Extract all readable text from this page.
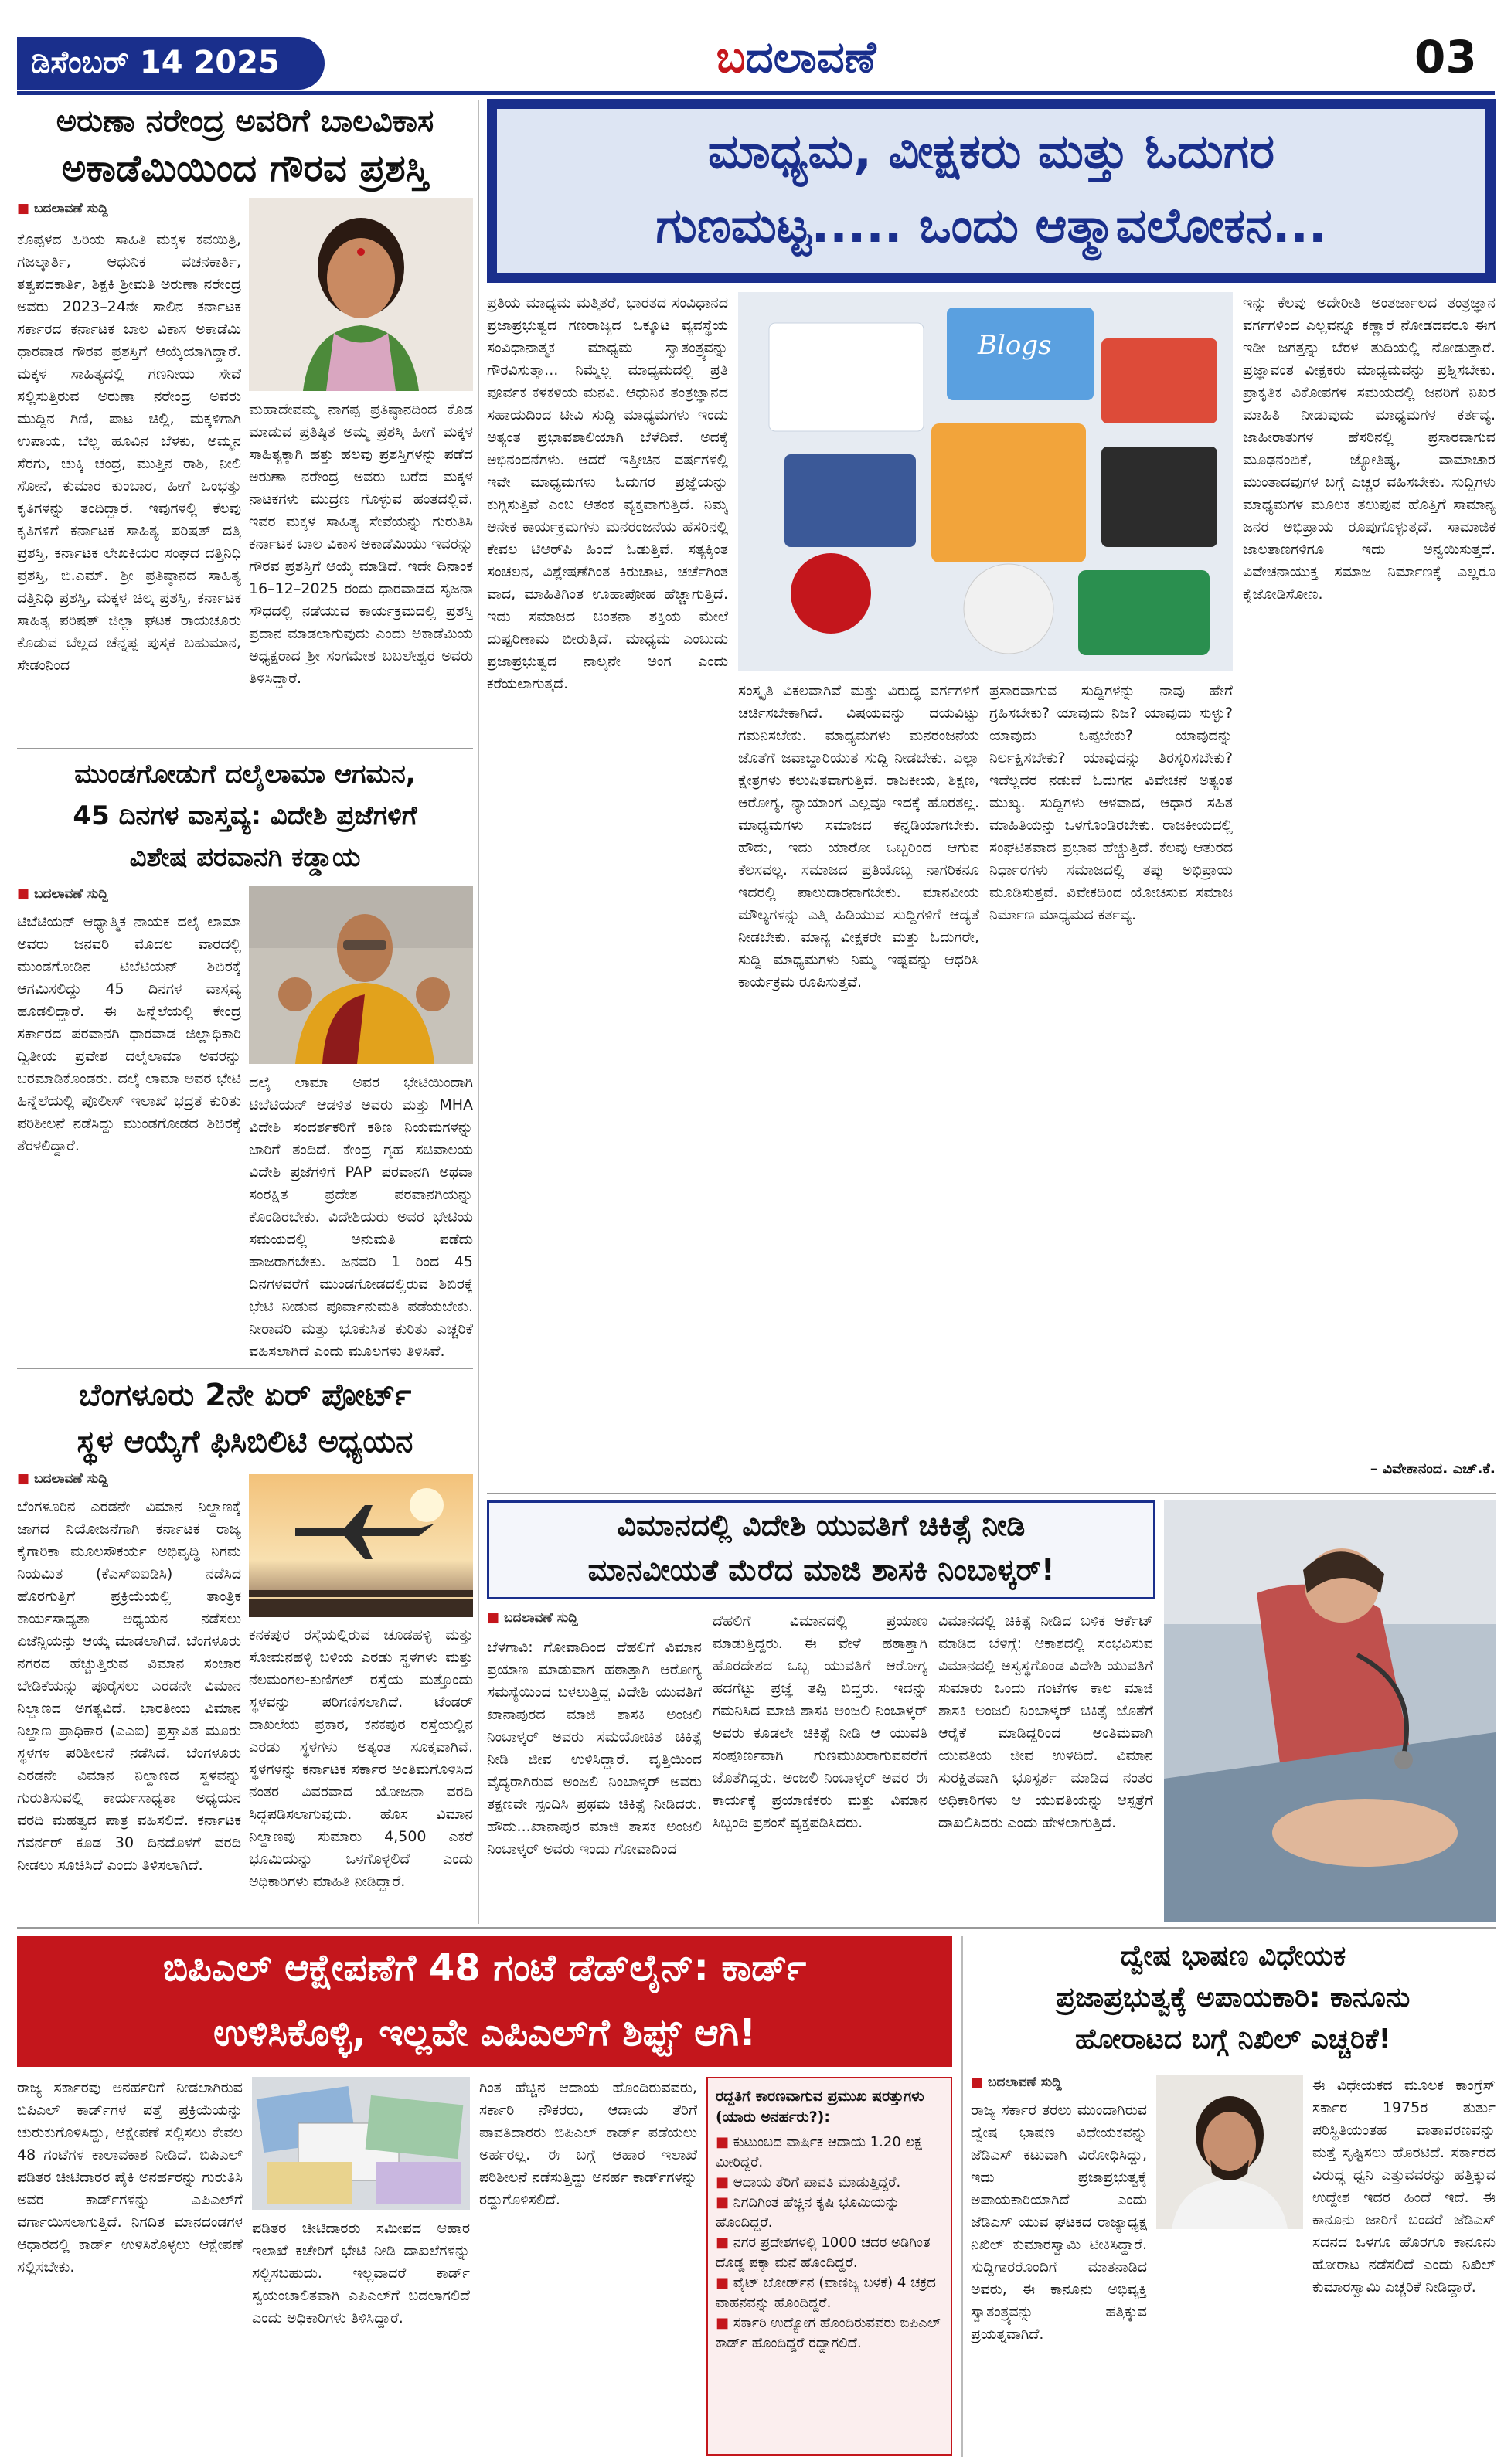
ಡಿಸೆಂಬರ್ 14 2025	ಬದಲಾವಣೆ	03
ಅರುಣಾ ನರೇಂದ್ರ ಅವರಿಗೆ ಬಾಲವಿಕಾಸ
ಅಕಾಡೆಮಿಯಿಂದ ಗೌರವ ಪ್ರಶಸ್ತಿ
■ ಬದಲಾವಣೆ ಸುದ್ದಿ
ಕೊಪ್ಪಳದ ಹಿರಿಯ ಸಾಹಿತಿ ಮಕ್ಕಳ ಕವಯಿತ್ರಿ, ಗಜಲ್ಕಾರ್ತಿ, ಆಧುನಿಕ ವಚನಕಾರ್ತಿ, ತತ್ವಪದಕಾರ್ತಿ, ಶಿಕ್ಷಕಿ ಶ್ರೀಮತಿ ಅರುಣಾ ನರೇಂದ್ರ ಅವರು 2023–24ನೇ ಸಾಲಿನ ಕರ್ನಾಟಕ ಸರ್ಕಾರದ ಕರ್ನಾಟಕ ಬಾಲ ವಿಕಾಸ ಅಕಾಡೆಮಿ ಧಾರವಾಡ ಗೌರವ ಪ್ರಶಸ್ತಿಗೆ ಆಯ್ಕೆಯಾಗಿದ್ದಾರೆ. ಮಕ್ಕಳ ಸಾಹಿತ್ಯದಲ್ಲಿ ಗಣನೀಯ ಸೇವೆ ಸಲ್ಲಿಸುತ್ತಿರುವ ಅರುಣಾ ನರೇಂದ್ರ ಅವರು ಮುದ್ದಿನ ಗಿಣಿ, ಪಾಟ ಚಿಲ್ಲಿ, ಮಕ್ಕಳಿಗಾಗಿ ಉಪಾಯ, ಬೆಲ್ಲ ಹೂವಿನ ಬೆಳಕು, ಅಮ್ಮನ ಸೆರಗು, ಚುಕ್ಕಿ ಚಂದ್ರ, ಮುತ್ತಿನ ರಾಶಿ, ನೀಲಿ ಸೋನೆ, ಕುಮಾರ ಕುಂಬಾರ, ಹೀಗೆ ಒಂಭತ್ತು ಕೃತಿಗಳನ್ನು ತಂದಿದ್ದಾರೆ. ಇವುಗಳಲ್ಲಿ ಕೆಲವು ಕೃತಿಗಳಿಗೆ ಕರ್ನಾಟಕ ಸಾಹಿತ್ಯ ಪರಿಷತ್ ದತ್ತಿ ಪ್ರಶಸ್ತಿ, ಕರ್ನಾಟಕ ಲೇಖಕಿಯರ ಸಂಘದ ದತ್ತಿನಿಧಿ ಪ್ರಶಸ್ತಿ, ಬಿ.ಎಮ್. ಶ್ರೀ ಪ್ರತಿಷ್ಠಾನದ ಸಾಹಿತ್ಯ ದತ್ತಿನಿಧಿ ಪ್ರಶಸ್ತಿ, ಮಕ್ಕಳ ಚಿಲ್ಕ ಪ್ರಶಸ್ತಿ, ಕರ್ನಾಟಕ ಸಾಹಿತ್ಯ ಪರಿಷತ್ ಜಿಲ್ಲಾ ಘಟಕ ರಾಯಚೂರು ಕೊಡುವ ಬೆಲ್ಲದ ಚೆನ್ನಪ್ಪ ಪುಸ್ತಕ ಬಹುಮಾನ, ಸೇಡಂನಿಂದ
ಮಹಾದೇವಮ್ಮ ನಾಗಪ್ಪ ಪ್ರತಿಷ್ಠಾನದಿಂದ ಕೊಡ ಮಾಡುವ ಪ್ರತಿಷ್ಠಿತ ಅಮ್ಮ ಪ್ರಶಸ್ತಿ ಹೀಗೆ ಮಕ್ಕಳ ಸಾಹಿತ್ಯಕ್ಕಾಗಿ ಹತ್ತು ಹಲವು ಪ್ರಶಸ್ತಿಗಳನ್ನು ಪಡೆದ ಅರುಣಾ ನರೇಂದ್ರ ಅವರು ಬರೆದ ಮಕ್ಕಳ ನಾಟಕಗಳು ಮುದ್ರಣ ಗೊಳ್ಳುವ ಹಂತದಲ್ಲಿವೆ. ಇವರ ಮಕ್ಕಳ ಸಾಹಿತ್ಯ ಸೇವೆಯನ್ನು ಗುರುತಿಸಿ ಕರ್ನಾಟಕ ಬಾಲ ವಿಕಾಸ ಅಕಾಡೆಮಿಯು ಇವರನ್ನು ಗೌರವ ಪ್ರಶಸ್ತಿಗೆ ಆಯ್ಕೆ ಮಾಡಿದೆ. ಇದೇ ದಿನಾಂಕ 16–12–2025 ರಂದು ಧಾರವಾಡದ ಸೃಜನಾ ಸೌಧದಲ್ಲಿ ನಡೆಯುವ ಕಾರ್ಯಕ್ರಮದಲ್ಲಿ ಪ್ರಶಸ್ತಿ ಪ್ರದಾನ ಮಾಡಲಾಗುವುದು ಎಂದು ಅಕಾಡೆಮಿಯ ಅಧ್ಯಕ್ಷರಾದ ಶ್ರೀ ಸಂಗಮೇಶ ಬಬಲೇಶ್ವರ ಅವರು ತಿಳಿಸಿದ್ದಾರೆ.
ಮುಂಡಗೋಡುಗೆ ದಲೈಲಾಮಾ ಆಗಮನ,
45 ದಿನಗಳ ವಾಸ್ತವ್ಯ: ವಿದೇಶಿ ಪ್ರಜೆಗಳಿಗೆ
ವಿಶೇಷ ಪರವಾನಗಿ ಕಡ್ಡಾಯ
■ ಬದಲಾವಣೆ ಸುದ್ದಿ
ಟಿಬೆಟಿಯನ್ ಆಧ್ಯಾತ್ಮಿಕ ನಾಯಕ ದಲೈ ಲಾಮಾ ಅವರು ಜನವರಿ ಮೊದಲ ವಾರದಲ್ಲಿ ಮುಂಡಗೋಡಿನ ಟಿಬೆಟಿಯನ್ ಶಿಬಿರಕ್ಕೆ ಆಗಮಿಸಲಿದ್ದು 45 ದಿನಗಳ ವಾಸ್ತವ್ಯ ಹೂಡಲಿದ್ದಾರೆ. ಈ ಹಿನ್ನೆಲೆಯಲ್ಲಿ ಕೇಂದ್ರ ಸರ್ಕಾರದ ಪರವಾನಗಿ ಧಾರವಾಡ ಜಿಲ್ಲಾಧಿಕಾರಿ ದ್ವಿತೀಯ ಪ್ರವೇಶ ದಲೈಲಾಮಾ ಅವರನ್ನು ಬರಮಾಡಿಕೊಂಡರು. ದಲೈ ಲಾಮಾ ಅವರ ಭೇಟಿ ಹಿನ್ನೆಲೆಯಲ್ಲಿ ಪೊಲೀಸ್ ಇಲಾಖೆ ಭದ್ರತೆ ಕುರಿತು ಪರಿಶೀಲನೆ ನಡೆಸಿದ್ದು ಮುಂಡಗೋಡದ ಶಿಬಿರಕ್ಕೆ ತೆರಳಲಿದ್ದಾರೆ.
ದಲೈ ಲಾಮಾ ಅವರ ಭೇಟಿಯಿಂದಾಗಿ ಟಿಬೆಟಿಯನ್ ಆಡಳಿತ ಅವರು ಮತ್ತು MHA ವಿದೇಶಿ ಸಂದರ್ಶಕರಿಗೆ ಕಠಿಣ ನಿಯಮಗಳನ್ನು ಜಾರಿಗೆ ತಂದಿದೆ. ಕೇಂದ್ರ ಗೃಹ ಸಚಿವಾಲಯ ವಿದೇಶಿ ಪ್ರಜೆಗಳಿಗೆ PAP ಪರವಾನಗಿ ಅಥವಾ ಸಂರಕ್ಷಿತ ಪ್ರದೇಶ ಪರವಾನಗಿಯನ್ನು ಕೊಂಡಿರಬೇಕು. ವಿದೇಶಿಯರು ಅವರ ಭೇಟಿಯ ಸಮಯದಲ್ಲಿ ಅನುಮತಿ ಪಡೆದು ಹಾಜರಾಗಬೇಕು. ಜನವರಿ 1 ರಿಂದ 45 ದಿನಗಳವರೆಗೆ ಮುಂಡಗೋಡದಲ್ಲಿರುವ ಶಿಬಿರಕ್ಕೆ ಭೇಟಿ ನೀಡುವ ಪೂರ್ವಾನುಮತಿ ಪಡೆಯಬೇಕು. ನೀರಾವರಿ ಮತ್ತು ಭೂಕುಸಿತ ಕುರಿತು ಎಚ್ಚರಿಕೆ ವಹಿಸಲಾಗಿದೆ ಎಂದು ಮೂಲಗಳು ತಿಳಿಸಿವೆ.
ಬೆಂಗಳೂರು 2ನೇ ಏರ್ ಪೋರ್ಟ್
ಸ್ಥಳ ಆಯ್ಕೆಗೆ ಫಿಸಿಬಿಲಿಟಿ ಅಧ್ಯಯನ
■ ಬದಲಾವಣೆ ಸುದ್ದಿ
ಬೆಂಗಳೂರಿನ ಎರಡನೇ ವಿಮಾನ ನಿಲ್ದಾಣಕ್ಕೆ ಜಾಗದ ನಿಯೋಜನೆಗಾಗಿ ಕರ್ನಾಟಕ ರಾಜ್ಯ ಕೈಗಾರಿಕಾ ಮೂಲಸೌಕರ್ಯ ಅಭಿವೃದ್ಧಿ ನಿಗಮ ನಿಯಮಿತ (ಕೆಎಸ್‌ಐಐಡಿಸಿ) ನಡೆಸಿದ ಹೊರಗುತ್ತಿಗೆ ಪ್ರಕ್ರಿಯೆಯಲ್ಲಿ ತಾಂತ್ರಿಕ ಕಾರ್ಯಸಾಧ್ಯತಾ ಅಧ್ಯಯನ ನಡೆಸಲು ಏಜೆನ್ಸಿಯನ್ನು ಆಯ್ಕೆ ಮಾಡಲಾಗಿದೆ. ಬೆಂಗಳೂರು ನಗರದ ಹೆಚ್ಚುತ್ತಿರುವ ವಿಮಾನ ಸಂಚಾರ ಬೇಡಿಕೆಯನ್ನು ಪೂರೈಸಲು ಎರಡನೇ ವಿಮಾನ ನಿಲ್ದಾಣದ ಅಗತ್ಯವಿದೆ. ಭಾರತೀಯ ವಿಮಾನ ನಿಲ್ದಾಣ ಪ್ರಾಧಿಕಾರ (ಎಎಐ) ಪ್ರಸ್ತಾವಿತ ಮೂರು ಸ್ಥಳಗಳ ಪರಿಶೀಲನೆ ನಡೆಸಿದೆ. ಬೆಂಗಳೂರು ಎರಡನೇ ವಿಮಾನ ನಿಲ್ದಾಣದ ಸ್ಥಳವನ್ನು ಗುರುತಿಸುವಲ್ಲಿ ಕಾರ್ಯಸಾಧ್ಯತಾ ಅಧ್ಯಯನ ವರದಿ ಮಹತ್ವದ ಪಾತ್ರ ವಹಿಸಲಿದೆ. ಕರ್ನಾಟಕ ಗವರ್ನರ್ ಕೂಡ 30 ದಿನದೊಳಗೆ ವರದಿ ನೀಡಲು ಸೂಚಿಸಿದೆ ಎಂದು ತಿಳಿಸಲಾಗಿದೆ.
ಕನಕಪುರ ರಸ್ತೆಯಲ್ಲಿರುವ ಚೂಡಹಳ್ಳಿ ಮತ್ತು ಸೋಮನಹಳ್ಳಿ ಬಳಿಯ ಎರಡು ಸ್ಥಳಗಳು ಮತ್ತು ನೆಲಮಂಗಲ-ಕುಣಿಗಲ್ ರಸ್ತೆಯ ಮತ್ತೊಂದು ಸ್ಥಳವನ್ನು ಪರಿಗಣಿಸಲಾಗಿದೆ. ಟೆಂಡರ್ ದಾಖಲೆಯ ಪ್ರಕಾರ, ಕನಕಪುರ ರಸ್ತೆಯಲ್ಲಿನ ಎರಡು ಸ್ಥಳಗಳು ಅತ್ಯಂತ ಸೂಕ್ತವಾಗಿವೆ. ಸ್ಥಳಗಳನ್ನು ಕರ್ನಾಟಕ ಸರ್ಕಾರ ಅಂತಿಮಗೊಳಿಸಿದ ನಂತರ ವಿವರವಾದ ಯೋಜನಾ ವರದಿ ಸಿದ್ಧಪಡಿಸಲಾಗುವುದು. ಹೊಸ ವಿಮಾನ ನಿಲ್ದಾಣವು ಸುಮಾರು 4,500 ಎಕರೆ ಭೂಮಿಯನ್ನು ಒಳಗೊಳ್ಳಲಿದೆ ಎಂದು ಅಧಿಕಾರಿಗಳು ಮಾಹಿತಿ ನೀಡಿದ್ದಾರೆ.
ಮಾಧ್ಯಮ, ವೀಕ್ಷಕರು ಮತ್ತು ಓದುಗರ
ಗುಣಮಟ್ಟ..... ಒಂದು ಆತ್ಮಾವಲೋಕನ...
ಪ್ರತಿಯ ಮಾಧ್ಯಮ ಮತ್ತಿತರೆ, ಭಾರತದ ಸಂವಿಧಾನದ ಪ್ರಜಾಪ್ರಭುತ್ವದ ಗಣರಾಜ್ಯದ ಒಕ್ಕೂಟ ವ್ಯವಸ್ಥೆಯ ಸಂವಿಧಾನಾತ್ಮಕ ಮಾಧ್ಯಮ ಸ್ವಾತಂತ್ರ್ಯವನ್ನು ಗೌರವಿಸುತ್ತಾ... ನಿಮ್ಮೆಲ್ಲ ಮಾಧ್ಯಮದಲ್ಲಿ ಪ್ರತಿ ಪೂರ್ವಕ ಕಳಕಳಿಯ ಮನವಿ. ಆಧುನಿಕ ತಂತ್ರಜ್ಞಾನದ ಸಹಾಯದಿಂದ ಟೀವಿ ಸುದ್ದಿ ಮಾಧ್ಯಮಗಳು ಇಂದು ಅತ್ಯಂತ ಪ್ರಭಾವಶಾಲಿಯಾಗಿ ಬೆಳೆದಿವೆ. ಅದಕ್ಕೆ ಅಭಿನಂದನೆಗಳು. ಆದರೆ ಇತ್ತೀಚಿನ ವರ್ಷಗಳಲ್ಲಿ ಇವೇ ಮಾಧ್ಯಮಗಳು ಓದುಗರ ಪ್ರಜ್ಞೆಯನ್ನು ಕುಗ್ಗಿಸುತ್ತಿವೆ ಎಂಬ ಆತಂಕ ವ್ಯಕ್ತವಾಗುತ್ತಿದೆ. ನಿಮ್ಮ ಅನೇಕ ಕಾರ್ಯಕ್ರಮಗಳು ಮನರಂಜನೆಯ ಹೆಸರಿನಲ್ಲಿ ಕೇವಲ ಟಿಆರ್‌ಪಿ ಹಿಂದೆ ಓಡುತ್ತಿವೆ. ಸತ್ಯಕ್ಕಿಂತ ಸಂಚಲನ, ವಿಶ್ಲೇಷಣೆಗಿಂತ ಕಿರುಚಾಟ, ಚರ್ಚೆಗಿಂತ ವಾದ, ಮಾಹಿತಿಗಿಂತ ಊಹಾಪೋಹ ಹೆಚ್ಚಾಗುತ್ತಿದೆ. ಇದು ಸಮಾಜದ ಚಿಂತನಾ ಶಕ್ತಿಯ ಮೇಲೆ ದುಷ್ಪರಿಣಾಮ ಬೀರುತ್ತಿದೆ. ಮಾಧ್ಯಮ ಎಂಬುದು ಪ್ರಜಾಪ್ರಭುತ್ವದ ನಾಲ್ಕನೇ ಅಂಗ ಎಂದು ಕರೆಯಲಾಗುತ್ತದೆ.
Blogs
ಸಂಸ್ಕೃತಿ ವಿಕಲವಾಗಿವೆ ಮತ್ತು ವಿರುದ್ಧ ವರ್ಗಗಳಿಗೆ ಚರ್ಚಿಸಬೇಕಾಗಿದೆ. ವಿಷಯವನ್ನು ದಯವಿಟ್ಟು ಗಮನಿಸಬೇಕು. ಮಾಧ್ಯಮಗಳು ಮನರಂಜನೆಯ ಜೊತೆಗೆ ಜವಾಬ್ದಾರಿಯುತ ಸುದ್ದಿ ನೀಡಬೇಕು. ಎಲ್ಲಾ ಕ್ಷೇತ್ರಗಳು ಕಲುಷಿತವಾಗುತ್ತಿವೆ. ರಾಜಕೀಯ, ಶಿಕ್ಷಣ, ಆರೋಗ್ಯ, ನ್ಯಾಯಾಂಗ ಎಲ್ಲವೂ ಇದಕ್ಕೆ ಹೊರತಲ್ಲ. ಮಾಧ್ಯಮಗಳು ಸಮಾಜದ ಕನ್ನಡಿಯಾಗಬೇಕು. ಹೌದು, ಇದು ಯಾರೋ ಒಬ್ಬರಿಂದ ಆಗುವ ಕೆಲಸವಲ್ಲ. ಸಮಾಜದ ಪ್ರತಿಯೊಬ್ಬ ನಾಗರಿಕನೂ ಇದರಲ್ಲಿ ಪಾಲುದಾರನಾಗಬೇಕು. ಮಾನವೀಯ ಮೌಲ್ಯಗಳನ್ನು ಎತ್ತಿ ಹಿಡಿಯುವ ಸುದ್ದಿಗಳಿಗೆ ಆದ್ಯತೆ ನೀಡಬೇಕು. ಮಾನ್ಯ ವೀಕ್ಷಕರೇ ಮತ್ತು ಓದುಗರೇ, ಸುದ್ದಿ ಮಾಧ್ಯಮಗಳು ನಿಮ್ಮ ಇಷ್ಟವನ್ನು ಆಧರಿಸಿ ಕಾರ್ಯಕ್ರಮ ರೂಪಿಸುತ್ತವೆ.
ಪ್ರಸಾರವಾಗುವ ಸುದ್ದಿಗಳನ್ನು ನಾವು ಹೇಗೆ ಗ್ರಹಿಸಬೇಕು? ಯಾವುದು ನಿಜ? ಯಾವುದು ಸುಳ್ಳು? ಯಾವುದು ಒಪ್ಪಬೇಕು? ಯಾವುದನ್ನು ನಿರ್ಲಕ್ಷಿಸಬೇಕು? ಯಾವುದನ್ನು ತಿರಸ್ಕರಿಸಬೇಕು? ಇದೆಲ್ಲದರ ನಡುವೆ ಓದುಗನ ವಿವೇಚನೆ ಅತ್ಯಂತ ಮುಖ್ಯ. ಸುದ್ದಿಗಳು ಆಳವಾದ, ಆಧಾರ ಸಹಿತ ಮಾಹಿತಿಯನ್ನು ಒಳಗೊಂಡಿರಬೇಕು. ರಾಜಕೀಯದಲ್ಲಿ ಸಂಘಟಿತವಾದ ಪ್ರಭಾವ ಹೆಚ್ಚುತ್ತಿದೆ. ಕೆಲವು ಆತುರದ ನಿರ್ಧಾರಗಳು ಸಮಾಜದಲ್ಲಿ ತಪ್ಪು ಅಭಿಪ್ರಾಯ ಮೂಡಿಸುತ್ತವೆ. ವಿವೇಕದಿಂದ ಯೋಚಿಸುವ ಸಮಾಜ ನಿರ್ಮಾಣ ಮಾಧ್ಯಮದ ಕರ್ತವ್ಯ.
ಇನ್ನು ಕೆಲವು ಅದೇರೀತಿ ಅಂತರ್ಜಾಲದ ತಂತ್ರಜ್ಞಾನ ವರ್ಗಗಳಿಂದ ಎಲ್ಲವನ್ನೂ ಕಣ್ಣಾರೆ ನೋಡದವರೂ ಈಗ ಇಡೀ ಜಗತ್ತನ್ನು ಬೆರಳ ತುದಿಯಲ್ಲಿ ನೋಡುತ್ತಾರೆ. ಪ್ರಜ್ಞಾವಂತ ವೀಕ್ಷಕರು ಮಾಧ್ಯಮವನ್ನು ಪ್ರಶ್ನಿಸಬೇಕು. ಪ್ರಾಕೃತಿಕ ವಿಕೋಪಗಳ ಸಮಯದಲ್ಲಿ ಜನರಿಗೆ ನಿಖರ ಮಾಹಿತಿ ನೀಡುವುದು ಮಾಧ್ಯಮಗಳ ಕರ್ತವ್ಯ. ಜಾಹೀರಾತುಗಳ ಹೆಸರಿನಲ್ಲಿ ಪ್ರಸಾರವಾಗುವ ಮೂಢನಂಬಿಕೆ, ಜ್ಯೋತಿಷ್ಯ, ವಾಮಾಚಾರ ಮುಂತಾದವುಗಳ ಬಗ್ಗೆ ಎಚ್ಚರ ವಹಿಸಬೇಕು. ಸುದ್ದಿಗಳು ಮಾಧ್ಯಮಗಳ ಮೂಲಕ ತಲುಪುವ ಹೊತ್ತಿಗೆ ಸಾಮಾನ್ಯ ಜನರ ಅಭಿಪ್ರಾಯ ರೂಪುಗೊಳ್ಳುತ್ತದೆ. ಸಾಮಾಜಿಕ ಜಾಲತಾಣಗಳಿಗೂ ಇದು ಅನ್ವಯಿಸುತ್ತದೆ. ವಿವೇಚನಾಯುಕ್ತ ಸಮಾಜ ನಿರ್ಮಾಣಕ್ಕೆ ಎಲ್ಲರೂ ಕೈಜೋಡಿಸೋಣ.
– ವಿವೇಕಾನಂದ. ಎಚ್.ಕೆ.
ವಿಮಾನದಲ್ಲಿ ವಿದೇಶಿ ಯುವತಿಗೆ ಚಿಕಿತ್ಸೆ ನೀಡಿ
ಮಾನವೀಯತೆ ಮೆರೆದ ಮಾಜಿ ಶಾಸಕಿ ನಿಂಬಾಳ್ಕರ್!
■ ಬದಲಾವಣೆ ಸುದ್ದಿ
ಬೆಳಗಾವಿ: ಗೋವಾದಿಂದ ದೆಹಲಿಗೆ ವಿಮಾನ ಪ್ರಯಾಣ ಮಾಡುವಾಗ ಹಠಾತ್ತಾಗಿ ಆರೋಗ್ಯ ಸಮಸ್ಯೆಯಿಂದ ಬಳಲುತ್ತಿದ್ದ ವಿದೇಶಿ ಯುವತಿಗೆ ಖಾನಾಪುರದ ಮಾಜಿ ಶಾಸಕಿ ಅಂಜಲಿ ನಿಂಬಾಳ್ಕರ್ ಅವರು ಸಮಯೋಚಿತ ಚಿಕಿತ್ಸೆ ನೀಡಿ ಜೀವ ಉಳಿಸಿದ್ದಾರೆ. ವೃತ್ತಿಯಿಂದ ವೈದ್ಯರಾಗಿರುವ ಅಂಜಲಿ ನಿಂಬಾಳ್ಕರ್ ಅವರು ತಕ್ಷಣವೇ ಸ್ಪಂದಿಸಿ ಪ್ರಥಮ ಚಿಕಿತ್ಸೆ ನೀಡಿದರು. ಹೌದು...ಖಾನಾಪುರ ಮಾಜಿ ಶಾಸಕ ಅಂಜಲಿ ನಿಂಬಾಳ್ಕರ್ ಅವರು ಇಂದು ಗೋವಾದಿಂದ
ದೆಹಲಿಗೆ ವಿಮಾನದಲ್ಲಿ ಪ್ರಯಾಣ ಮಾಡುತ್ತಿದ್ದರು. ಈ ವೇಳೆ ಹಠಾತ್ತಾಗಿ ಹೊರದೇಶದ ಒಬ್ಬ ಯುವತಿಗೆ ಆರೋಗ್ಯ ಹದಗೆಟ್ಟು ಪ್ರಜ್ಞೆ ತಪ್ಪಿ ಬಿದ್ದರು. ಇದನ್ನು ಗಮನಿಸಿದ ಮಾಜಿ ಶಾಸಕಿ ಅಂಜಲಿ ನಿಂಬಾಳ್ಕರ್ ಅವರು ಕೂಡಲೇ ಚಿಕಿತ್ಸೆ ನೀಡಿ ಆ ಯುವತಿ ಸಂಪೂರ್ಣವಾಗಿ ಗುಣಮುಖರಾಗುವವರೆಗೆ ಜೊತೆಗಿದ್ದರು. ಅಂಜಲಿ ನಿಂಬಾಳ್ಕರ್ ಅವರ ಈ ಕಾರ್ಯಕ್ಕೆ ಪ್ರಯಾಣಿಕರು ಮತ್ತು ವಿಮಾನ ಸಿಬ್ಬಂದಿ ಪ್ರಶಂಸೆ ವ್ಯಕ್ತಪಡಿಸಿದರು.
ವಿಮಾನದಲ್ಲಿ ಚಿಕಿತ್ಸೆ ನೀಡಿದ ಬಳಿಕ ಆರ್ಕೆಟ್ ಮಾಡಿದ ಬೆಳಿಗ್ಗೆ: ಆಕಾಶದಲ್ಲಿ ಸಂಭವಿಸುವ ವಿಮಾನದಲ್ಲಿ ಅಸ್ವಸ್ಥಗೊಂಡ ವಿದೇಶಿ ಯುವತಿಗೆ ಸುಮಾರು ಒಂದು ಗಂಟೆಗಳ ಕಾಲ ಮಾಜಿ ಶಾಸಕಿ ಅಂಜಲಿ ನಿಂಬಾಳ್ಕರ್ ಚಿಕಿತ್ಸೆ ಜೊತೆಗೆ ಆರೈಕೆ ಮಾಡಿದ್ದರಿಂದ ಅಂತಿಮವಾಗಿ ಯುವತಿಯ ಜೀವ ಉಳಿದಿದೆ. ವಿಮಾನ ಸುರಕ್ಷಿತವಾಗಿ ಭೂಸ್ಪರ್ಶ ಮಾಡಿದ ನಂತರ ಅಧಿಕಾರಿಗಳು ಆ ಯುವತಿಯನ್ನು ಆಸ್ಪತ್ರೆಗೆ ದಾಖಲಿಸಿದರು ಎಂದು ಹೇಳಲಾಗುತ್ತಿದೆ.
ಬಿಪಿಎಲ್ ಆಕ್ಷೇಪಣೆಗೆ 48 ಗಂಟೆ ಡೆಡ್‌ಲೈನ್: ಕಾರ್ಡ್
ಉಳಿಸಿಕೊಳ್ಳಿ, ಇಲ್ಲವೇ ಎಪಿಎಲ್‌ಗೆ ಶಿಫ್ಟ್ ಆಗಿ!
ರಾಜ್ಯ ಸರ್ಕಾರವು ಅನರ್ಹರಿಗೆ ನೀಡಲಾಗಿರುವ ಬಿಪಿಎಲ್ ಕಾರ್ಡ್‌ಗಳ ಪತ್ತೆ ಪ್ರಕ್ರಿಯೆಯನ್ನು ಚುರುಕುಗೊಳಿಸಿದ್ದು, ಆಕ್ಷೇಪಣೆ ಸಲ್ಲಿಸಲು ಕೇವಲ 48 ಗಂಟೆಗಳ ಕಾಲಾವಕಾಶ ನೀಡಿದೆ. ಬಿಪಿಎಲ್ ಪಡಿತರ ಚೀಟಿದಾರರ ಪೈಕಿ ಅನರ್ಹರನ್ನು ಗುರುತಿಸಿ ಅವರ ಕಾರ್ಡ್‌ಗಳನ್ನು ಎಪಿಎಲ್‌ಗೆ ವರ್ಗಾಯಿಸಲಾಗುತ್ತಿದೆ. ನಿಗದಿತ ಮಾನದಂಡಗಳ ಆಧಾರದಲ್ಲಿ ಕಾರ್ಡ್ ಉಳಿಸಿಕೊಳ್ಳಲು ಆಕ್ಷೇಪಣೆ ಸಲ್ಲಿಸಬೇಕು.
ಪಡಿತರ ಚೀಟಿದಾರರು ಸಮೀಪದ ಆಹಾರ ಇಲಾಖೆ ಕಚೇರಿಗೆ ಭೇಟಿ ನೀಡಿ ದಾಖಲೆಗಳನ್ನು ಸಲ್ಲಿಸಬಹುದು. ಇಲ್ಲವಾದರೆ ಕಾರ್ಡ್ ಸ್ವಯಂಚಾಲಿತವಾಗಿ ಎಪಿಎಲ್‌ಗೆ ಬದಲಾಗಲಿದೆ ಎಂದು ಅಧಿಕಾರಿಗಳು ತಿಳಿಸಿದ್ದಾರೆ.
ಗಿಂತ ಹೆಚ್ಚಿನ ಆದಾಯ ಹೊಂದಿರುವವರು, ಸರ್ಕಾರಿ ನೌಕರರು, ಆದಾಯ ತೆರಿಗೆ ಪಾವತಿದಾರರು ಬಿಪಿಎಲ್ ಕಾರ್ಡ್ ಪಡೆಯಲು ಅರ್ಹರಲ್ಲ. ಈ ಬಗ್ಗೆ ಆಹಾರ ಇಲಾಖೆ ಪರಿಶೀಲನೆ ನಡೆಸುತ್ತಿದ್ದು ಅನರ್ಹ ಕಾರ್ಡ್‌ಗಳನ್ನು ರದ್ದುಗೊಳಿಸಲಿದೆ.
ರದ್ದತಿಗೆ ಕಾರಣವಾಗುವ ಪ್ರಮುಖ ಷರತ್ತುಗಳು (ಯಾರು ಅನರ್ಹರು?):
■ ಕುಟುಂಬದ ವಾರ್ಷಿಕ ಆದಾಯ 1.20 ಲಕ್ಷ ಮೀರಿದ್ದರೆ.
■ ಆದಾಯ ತೆರಿಗೆ ಪಾವತಿ ಮಾಡುತ್ತಿದ್ದರೆ.
■ ನಿಗದಿಗಿಂತ ಹೆಚ್ಚಿನ ಕೃಷಿ ಭೂಮಿಯನ್ನು ಹೊಂದಿದ್ದರೆ.
■ ನಗರ ಪ್ರದೇಶಗಳಲ್ಲಿ 1000 ಚದರ ಅಡಿಗಿಂತ ದೊಡ್ಡ ಪಕ್ಕಾ ಮನೆ ಹೊಂದಿದ್ದರೆ.
■ ವೈಟ್ ಬೋರ್ಡ್‌ನ (ವಾಣಿಜ್ಯ ಬಳಕೆ) 4 ಚಕ್ರದ ವಾಹನವನ್ನು ಹೊಂದಿದ್ದರೆ.
■ ಸರ್ಕಾರಿ ಉದ್ಯೋಗ ಹೊಂದಿರುವವರು ಬಿಪಿಎಲ್ ಕಾರ್ಡ್ ಹೊಂದಿದ್ದರೆ ರದ್ದಾಗಲಿದೆ.
ದ್ವೇಷ ಭಾಷಣ ವಿಧೇಯಕ
ಪ್ರಜಾಪ್ರಭುತ್ವಕ್ಕೆ ಅಪಾಯಕಾರಿ: ಕಾನೂನು
ಹೋರಾಟದ ಬಗ್ಗೆ ನಿಖಿಲ್ ಎಚ್ಚರಿಕೆ!
■ ಬದಲಾವಣೆ ಸುದ್ದಿ
ರಾಜ್ಯ ಸರ್ಕಾರ ತರಲು ಮುಂದಾಗಿರುವ ದ್ವೇಷ ಭಾಷಣ ವಿಧೇಯಕವನ್ನು ಜೆಡಿಎಸ್ ಕಟುವಾಗಿ ವಿರೋಧಿಸಿದ್ದು, ಇದು ಪ್ರಜಾಪ್ರಭುತ್ವಕ್ಕೆ ಅಪಾಯಕಾರಿಯಾಗಿದೆ ಎಂದು ಜೆಡಿಎಸ್ ಯುವ ಘಟಕದ ರಾಜ್ಯಾಧ್ಯಕ್ಷ ನಿಖಿಲ್ ಕುಮಾರಸ್ವಾಮಿ ಟೀಕಿಸಿದ್ದಾರೆ. ಸುದ್ದಿಗಾರರೊಂದಿಗೆ ಮಾತನಾಡಿದ ಅವರು, ಈ ಕಾನೂನು ಅಭಿವ್ಯಕ್ತಿ ಸ್ವಾತಂತ್ರ್ಯವನ್ನು ಹತ್ತಿಕ್ಕುವ ಪ್ರಯತ್ನವಾಗಿದೆ.
ಈ ವಿಧೇಯಕದ ಮೂಲಕ ಕಾಂಗ್ರೆಸ್ ಸರ್ಕಾರ 1975ರ ತುರ್ತು ಪರಿಸ್ಥಿತಿಯಂತಹ ವಾತಾವರಣವನ್ನು ಮತ್ತೆ ಸೃಷ್ಟಿಸಲು ಹೊರಟಿದೆ. ಸರ್ಕಾರದ ವಿರುದ್ಧ ಧ್ವನಿ ಎತ್ತುವವರನ್ನು ಹತ್ತಿಕ್ಕುವ ಉದ್ದೇಶ ಇದರ ಹಿಂದೆ ಇದೆ. ಈ ಕಾನೂನು ಜಾರಿಗೆ ಬಂದರೆ ಜೆಡಿಎಸ್ ಸದನದ ಒಳಗೂ ಹೊರಗೂ ಕಾನೂನು ಹೋರಾಟ ನಡೆಸಲಿದೆ ಎಂದು ನಿಖಿಲ್ ಕುಮಾರಸ್ವಾಮಿ ಎಚ್ಚರಿಕೆ ನೀಡಿದ್ದಾರೆ.
